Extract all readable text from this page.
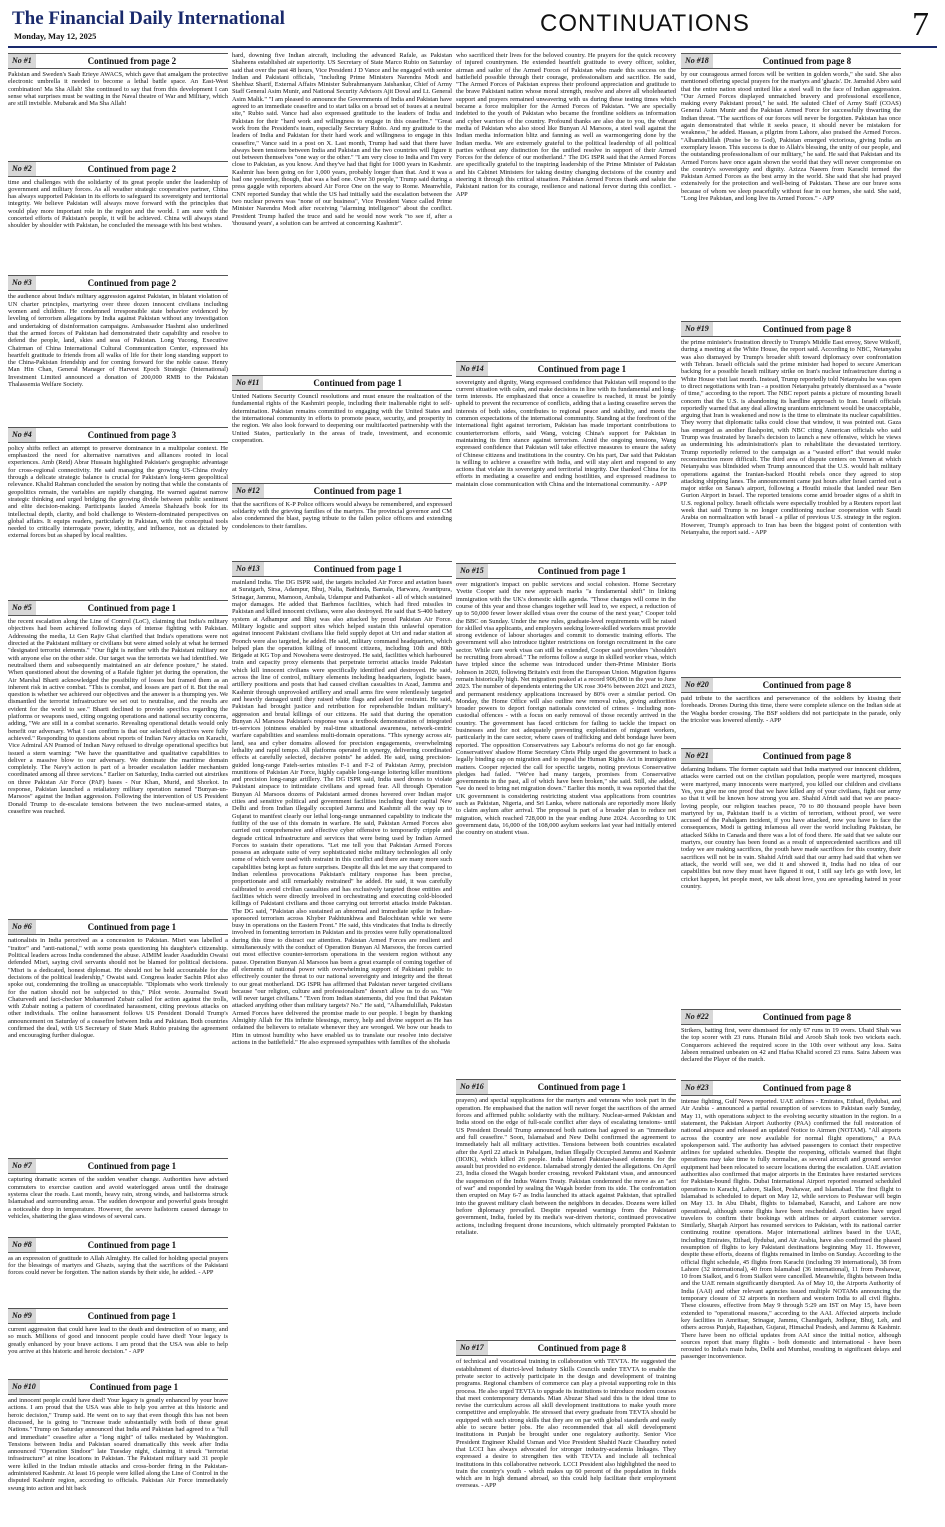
The Financial Daily International
Monday, May 12, 2025	CONTINUATIONS	7
No #1	Continued from page 2

Pakistan and Sweden's Saab Erieye AWACS, which gave that amalgam the protective electronic umbrella it needed to become a lethal battle space. An East-West combination! Ma Sha Allah! She continued to say that from this development I can sense what surprises must be waiting in the Naval theatre of War and Military, which are still invisible. Mubarak and Ma Sha Allah!

No #2	Continued from page 2

time and challenges with the solidarity of its great people under the leadership of government and military forces. As all weather strategic cooperative partner, China has always supported Pakistan in its efforts to safeguard its sovereignty and territorial integrity. We believe Pakistan will always move forward with the principles that would play more important role in the region and the world. I am sure with the concerted efforts of Pakistan's people, it will be achieved. China will always stand shoulder by shoulder with Pakistan, he concluded the message with his best wishes.

No #3	Continued from page 2

the audience about India's military aggression against Pakistan, in blatant violation of UN charter principles, martyring over three dozen innocent civilians including women and children. He condemned irresponsible state behavior evidenced by leveling of terrorism allegations by India against Pakistan without any investigation and undertaking of disinformation campaigns. Ambassador Hashmi also underlined that the armed forces of Pakistan had demonstrated their capability and resolve to defend the people, land, skies and seas of Pakistan. Long Yucong, Executive Chairman of China International Cultural Communication Center, expressed his heartfelt gratitude to friends from all walks of life for their long standing support to the China-Pakistan friendship and for coming forward for the noble cause. Henry Man Hin Chan, General Manager of Harvest Epoch Strategic (International) Investment Limited announced a donation of 200,000 RMB to the Pakistan Thalassemia Welfare Society.

No #4	Continued from page 3

policy shifts reflect an attempt to preserve dominance in a multipolar context. He emphasized the need for alternative narratives and alliances rooted in local experiences. Amb (Retd) Abrar Hussain highlighted Pakistan's geographic advantage for cross-regional connectivity. He said managing the growing US-China rivalry through a delicate strategic balance is crucial for Pakistan's long-term geopolitical relevance. Khalid Rahman concluded the session by noting that while the constants of geopolitics remain, the variables are rapidly changing. He warned against narrow strategic thinking and urged bridging the growing divide between public sentiment and elite decision-making. Participants lauded Ameela Shahzad's book for its intellectual depth, clarity, and bold challenge to Western-dominated perspectives on global affairs. It equips readers, particularly in Pakistan, with the conceptual tools needed to critically interrogate power, identity, and influence, not as dictated by external forces but as shaped by local realities.

No #5	Continued from page 1

the recent escalation along the Line of Control (LoC), claiming that India's military objectives had been achieved following days of intense fighting with Pakistan. Addressing the media, Lt Gen Rajiv Ghai clarified that India's operations were not directed at the Pakistani military or civilians but were aimed solely at what he termed "designated terrorist elements." "Our fight is neither with the Pakistani military nor with anyone else on the other side. Our target was the terrorists we had identified. We neutralised them and subsequently maintained an air defence posture," he stated. When questioned about the downing of a Rafale fighter jet during the operation, the Air Marshal Bharti acknowledged the possibility of losses but framed them as an inherent risk in active combat. "This is combat, and losses are part of it. But the real question is whether we achieved our objectives and the answer is a thumping yes. We dismantled the terrorist infrastructure we set out to neutralise, and the results are evident for the world to see." Bharti declined to provide specifics regarding the platforms or weapons used, citing ongoing operations and national security concerns, adding, "We are still in a combat scenario. Revealing operational details would only benefit our adversary. What I can confirm is that our selected objectives were fully achieved." Responding to questions about reports of Indian Navy attacks on Karachi, Vice Admiral AN Pramod of Indian Navy refused to divulge operational specifics but issued a stern warning: "We have the quantitative and qualitative capabilities to deliver a massive blow to our adversary. We dominate the maritime domain completely. The Navy's action is part of a broader escalation ladder mechanism coordinated among all three services." Earlier on Saturday, India carried out airstrikes on three Pakistan Air Force (PAF) bases - Nur Khan, Murid, and Shorkot. In response, Pakistan launched a retaliatory military operation named "Bunyan-un-Marsoos" against the Indian aggression. Following the intervention of US President Donald Trump to de-escalate tensions between the two nuclear-armed states, a ceasefire was reached.

No #6	Continued from page 1

nationalists in India perceived as a concession to Pakistan. Misri was labelled a "traitor" and "anti-national," with some posts questioning his daughter's citizenship. Political leaders across India condemned the abuse. AIMIM leader Asaduddin Owaisi defended Misri, saying civil servants should not be blamed for political decisions. "Misri is a dedicated, honest diplomat. He should not be held accountable for the decisions of the political leadership," Owaisi said. Congress leader Sachin Pilot also spoke out, condemning the trolling as unacceptable. "Diplomats who work tirelessly for the nation should not be subjected to this," Pilot wrote. Journalist Swati Chaturvedi and fact-checker Mohammed Zubair called for action against the trolls, with Zubair noting a pattern of coordinated harassment, citing previous attacks on other individuals. The online harassment follows US President Donald Trump's announcement on Saturday of a ceasefire between India and Pakistan. Both countries confirmed the deal, with US Secretary of State Mark Rubio praising the agreement and encouraging further dialogue.

No #7	Continued from page 1

capturing dramatic scenes of the sudden weather change. Authorities have advised commuters to exercise caution and avoid waterlogged areas until the drainage systems clear the roads. Last month, heavy rain, strong winds, and hailstorms struck Islamabad and surrounding areas. The sudden downpour and powerful gusts brought a noticeable drop in temperature. However, the severe hailstorm caused damage to vehicles, shattering the glass windows of several cars.

No #8	Continued from page 1

as an expression of gratitude to Allah Almighty. He called for holding special prayers for the blessings of martyrs and Ghazis, saying that the sacrifices of the Pakistani forces could never be forgotten. The nation stands by their side, he added. - APP

No #9	Continued from page 1

current aggression that could have lead to the death and destruction of so many, and so much. Millions of good and innocent people could have died! Your legacy is greatly enhanced by your brave actions. I am proud that the USA was able to help you arrive at this historic and heroic decision." - APP

No #10	Continued from page 1

and innocent people could have died! Your legacy is greatly enhanced by your brave actions. I am proud that the USA was able to help you arrive at this historic and heroic decision," Trump said. He went on to say that even though this has not been discussed, he is going to "increase trade substantially with both of these great Nations." Trump on Saturday announced that India and Pakistan had agreed to a "full and immediate" ceasefire after a "long night" of talks mediated by Washington. Tensions between India and Pakistan soared dramatically this week after India announced "Operation Sindoor" late Tuesday night, claiming it struck "terrorist infrastructure" at nine locations in Pakistan. The Pakistani military said 31 people were killed in the Indian missile attacks and cross-border firing in the Pakistan-administered Kashmir. At least 16 people were killed along the Line of Control in the disputed Kashmir region, according to officials. Pakistan Air Force immediately swung into action and hit back

hard, downing five Indian aircraft, including the advanced Rafale, as Pakistan Shaheens established air superiority. US Secretary of State Marco Rubio on Saturday said that over the past 48 hours, Vice President J D Vance and he engaged with senior Indian and Pakistani officials, "including Prime Ministers Narendra Modi and Shehbaz Sharif, External Affairs Minister Subrahmanyam Jaishankar, Chief of Army Staff General Asim Munir, and National Security Advisors Ajit Doval and Lt. General Asim Malik." "I am pleased to announce the Governments of India and Pakistan have agreed to an immediate ceasefire and to start talks on a broad set of issues at a neutral site," Rubio said. Vance had also expressed gratitude to the leaders of India and Pakistan for their "hard work and willingness to engage in this ceasefire." "Great work from the President's team, especially Secretary Rubio. And my gratitude to the leaders of India and Pakistan for their hard work and willingness to engage in this ceasefire," Vance said in a post on X. Last month, Trump had said that there have always been tensions between India and Pakistan and the two countries will figure it out between themselves "one way or the other." "I am very close to India and I'm very close to Pakistan, as you know. And they've had that fight for 1000 years in Kashmir. Kashmir has been going on for 1,000 years, probably longer than that. And it was a bad one yesterday, though, that was a bad one. Over 30 people," Trump said during a press gaggle with reporters aboard Air Force One on the way to Rome. Meanwhile, CNN reported Sunday that while the US had initially said the escalation between the two nuclear powers was "none of our business", Vice President Vance called Prime Minister Narendra Modi after receiving "alarming intelligence" about the conflict. President Trump hailed the truce and said he would now work "to see if, after a 'thousand years', a solution can be arrived at concerning Kashmir".

No #11	Continued from page 1

United Nations Security Council resolutions and must ensure the realization of the fundamental rights of the Kashmiri people, including their inalienable right to self-determination. Pakistan remains committed to engaging with the United States and the international community in efforts to promote peace, security, and prosperity in the region. We also look forward to deepening our multifaceted partnership with the United States, particularly in the areas of trade, investment, and economic cooperation.

No #12	Continued from page 1

that the sacrifices of K-P Police officers would always be remembered, and expressed solidarity with the grieving families of the martyrs. The provincial governor and CM also condemned the blast, paying tribute to the fallen police officers and extending condolences to their families.

No #13	Continued from page 1

mainland India. The DG ISPR said, the targets included Air Force and aviation bases at Suratgarh, Sirsa, Adampur, Bhuj, Nalia, Bathinda, Barnala, Harwara, Avantipura, Srinagar, Jammu, Mamoon, Ambala, Udampur and Pathankot - all of which sustained major damages. He added that Barhmos facilities, which had fired missiles in Pakistan and killed innocent civilians, were also destroyed. He said that S-400 battery system at Adhampur and Bhuj was also attacked by proud Pakistan Air Force. Military logistic and support sites which helped sustain this unlawful operation against innocent Pakistani civilians like field supply depot at Uri and radar station at Poonch were also targeted, he added. He said, military command headquarters, which helped plan the operation killing of innocent citizens, including 10th and 80th Brigade at KG Top and Nowshera were destroyed. He said, facilities which harboured train and capacity proxy elements that perpetrate terrorist attacks inside Pakistan which kill innocent civilians were specifically identified and destroyed. He said, across the line of control, military elements including headquarters, logistic bases, artillery positions and posts that had caused civilian casualties in Azad, Jammu and Kashmir through unprovoked artillery and small arms fire were relentlessly targeted and heavily damaged until they raised white flags and asked for restraint. He said, Pakistan had brought justice and retribution for reprehensible Indian military's aggression and brutal killings of our citizens. He said that during the operation Bunyan Al Marsoos Pakistan's response was a textbook demonstration of integrated tri-services jointness enabled by real-time situational awareness, network-centric warfare capabilities and seamless multi-domain operations. "This synergy across air, land, sea and cyber domains allowed for precision engagements, overwhelming lethality and rapid tempo. All platforms operated in synergy, delivering coordinated effects at carefully selected, decisive points" he added. He said, using precision-guided long-range Fateh-series missiles F-1 and F-2 of Pakistan Army, precision munitions of Pakistan Air Force, highly capable long-range loitering killer munitions and precision long-range artillery. The DG ISPR said, India used drones to violate Pakistani airspace to intimidate civilians and spread fear. All through Operation Bunyan Al Marsoos dozens of Pakistani armed drones hovered over Indian major cities and sensitive political and government facilities including their capital New Delhi and from Indian illegally occupied Jammu and Kashmir all the way up to Gujarat to manifest clearly our lethal long-range unmanned capability to indicate the futility of the use of this domain in warfare. He said, Pakistan Armed Forces also carried out comprehensive and effective cyber offensive to temporarily cripple and degrade critical infrastructure and services that were being used by Indian Armed Forces to sustain their operations. "Let me tell you that Pakistan Armed Forces possess an adequate suite of very sophisticated niche military technologies all only some of which were used with restraint in this conflict and there are many more such capabilities being kept as future surprises. Despite all this let me say that compared to Indian relentless provocations Pakistan's military response has been precise, proportionate and still remarkably restrained" he added. He said, it was carefully calibrated to avoid civilian casualties and has exclusively targeted those entities and facilities which were directly involved in orchestrating and executing cold-blooded killings of Pakistani civilians and those carrying out terrorist attacks inside Pakistan. The DG said, "Pakistan also sustained an abnormal and immediate spike in Indian-sponsored terrorism across Khyber Pakhtunkhwa and Balochistan while we were busy in operations on the Eastern Front." He said, this vindicates that India is directly involved in fomenting terrorism in Pakistan and its proxies were fully operationalized during this time to distract our attention. Pakistan Armed Forces are resilient and simultaneously with the conduct of Operation Bunyan Al Marsoos, the forces carried out most effective counter-terrorism operations in the western region without any pause. Operation Bunyan Al Marsoos has been a great example of coming together of all elements of national power with overwhelming support of Pakistani public to effectively counter the threat to our national sovereignty and integrity and the threat to our great motherland. DG ISPR has affirmed that Pakistan never targeted civilians because "our religion, culture and professionalism" doesn't allow us to do so. "We will never target civilians." "Even from Indian statements, did you find that Pakistan attacked anything other than military targets? No." He said, "Alhamdulillah, Pakistan Armed Forces have delivered the promise made to our people. I begin by thanking Almighty Allah for His infinite blessings, mercy, help and divine support as He has ordained the believers to retaliate whenever they are wronged. We bow our heads to Him in utmost humility who have enabled us to translate our resolve into decisive actions in the battlefield." He also expressed sympathies with families of the shohada

who sacrificed their lives for the beloved country. He prayers for the quick recovery of injured countrymen. He extended heartfelt gratitude to every officer, soldier, airman and sailor of the Armed Forces of Pakistan who made this success on the battlefield possible through their courage, professionalism and sacrifice. He said, "The Armed Forces of Pakistan express their profound appreciation and gratitude to the brave Pakistani nation whose moral strength, resolve and above all wholehearted support and prayers remained unwavering with us during these testing times which became a force multiplier for the Armed Forces of Pakistan. "We are specially indebted to the youth of Pakistan who became the frontline soldiers as information and cyber warriors of the country. Profound thanks are also due to you, the vibrant media of Pakistan who also stood like Bunyan Al Marsoos, a steel wall against the Indian media information blitz and fanning as well as warmongering done by the Indian media. We are extremely grateful to the political leadership of all political parties without any distinction for the unified resolve in support of their Armed Forces for the defence of our motherland." The DG ISPR said that the Armed Forces are specifically grateful to the inspiring leadership of the Prime Minister of Pakistan and his Cabinet Ministers for taking destiny changing decisions of the country and steering it through this critical situation. Pakistan Armed Forces thank and salute the Pakistani nation for its courage, resilience and national fervor during this conflict. - APP

No #14	Continued from page 1

sovereignty and dignity, Wang expressed confidence that Pakistan will respond to the current situation with calm, and make decisions in line with its fundamental and long-term interests. He emphasized that once a ceasefire is reached, it must be jointly upheld to prevent the recurrence of conflicts, adding that a lasting ceasefire serves the interests of both sides, contributes to regional peace and stability, and meets the common expectations of the international community. Standing at the forefront of the international fight against terrorism, Pakistan has made important contributions to counterterrorism efforts, said Wang, voicing China's support for Pakistan in maintaining its firm stance against terrorism. Amid the ongoing tensions, Wang expressed confidence that Pakistan will take effective measures to ensure the safety of Chinese citizens and institutions in the country. On his part, Dar said that Pakistan is willing to achieve a ceasefire with India, and will stay alert and respond to any actions that violate its sovereignty and territorial integrity. Dar thanked China for its efforts in mediating a ceasefire and ending hostilities, and expressed readiness to maintain close communication with China and the international community. - APP

No #15	Continued from page 1

over migration's impact on public services and social cohesion. Home Secretary Yvette Cooper said the new approach marks "a fundamental shift" in linking immigration with the UK's domestic skills agenda. "Those changes will come in the course of this year and those changes together will lead to, we expect, a reduction of up to 50,000 fewer lower skilled visas over the course of the next year," Cooper told the BBC on Sunday. Under the new rules, graduate-level requirements will be raised for skilled visa applicants, and employers seeking lower-skilled workers must provide strong evidence of labour shortages and commit to domestic training efforts. The government will also introduce tighter restrictions on foreign recruitment in the care sector. While care work visas can still be extended, Cooper said providers "shouldn't be recruiting from abroad." The reforms follow a surge in skilled worker visas, which have tripled since the scheme was introduced under then-Prime Minister Boris Johnson in 2020, following Britain's exit from the European Union. Migration figures remain historically high. Net migration peaked at a record 906,000 in the year to June 2023. The number of dependents entering the UK rose 304% between 2021 and 2023, and permanent residency applications increased by 80% over a similar period. On Monday, the Home Office will also outline new removal rules, giving authorities broader powers to deport foreign nationals convicted of crimes - including non-custodial offences - with a focus on early removal of those recently arrived in the country. The government has faced criticism for failing to tackle the impact on businesses and for not adequately preventing exploitation of migrant workers, particularly in the care sector, where cases of trafficking and debt bondage have been reported. The opposition Conservatives say Labour's reforms do not go far enough. Conservatives' shadow Home Secretary Chris Philp urged the government to back a legally binding cap on migration and to repeal the Human Rights Act in immigration matters. Cooper rejected the call for specific targets, noting previous Conservative pledges had failed. "We've had many targets, promises from Conservative governments in the past, all of which have been broken," she said. Still, she added, "we do need to bring net migration down." Earlier this month, it was reported that the UK government is considering restricting student visa applications from countries such as Pakistan, Nigeria, and Sri Lanka, where nationals are reportedly more likely to claim asylum after arrival. The proposal is part of a broader plan to reduce net migration, which reached 728,000 in the year ending June 2024. According to UK government data, 16,000 of the 108,000 asylum seekers last year had initially entered the country on student visas.

No #16	Continued from page 1

prayers) and special supplications for the martyrs and veterans who took part in the operation. He emphasised that the nation will never forget the sacrifices of the armed forces and affirmed public solidarity with the military. Nuclear-armed Pakistan and India stood on the edge of full-scale conflict after days of escalating tensions- until US President Donald Trump announced both nations had agreed to an "immediate and full ceasefire." Soon, Islamabad and New Delhi confirmed the agreement to immediately halt all military activities. Tensions between both countries escalated after the April 22 attack in Pahalgam, Indian Illegally Occupied Jammu and Kashmir (IIOJK), which killed 26 people. India blamed Pakistan-based elements for the assault but provided no evidence. Islamabad strongly denied the allegations. On April 23, India closed the Wagah border crossing, revoked Pakistani visas, and announced the suspension of the Indus Waters Treaty. Pakistan condemned the move as an "act of war" and responded by sealing the Wagah border from its side. The confrontation then erupted on May 6-7 as India launched its attack against Pakistan, that spiralled into the gravest military clash between the neighbors in decades. Dozens were killed before diplomacy prevailed. Despite repeated warnings from the Pakistani government, India, fueled by its media's war-driven rhetoric, continued provocative actions, including frequent drone incursions, which ultimately prompted Pakistan to retaliate.

No #17	Continued from page 8

of technical and vocational training in collaboration with TEVTA. He suggested the establishment of district-level Industry Skills Councils under TEVTA to enable the private sector to actively participate in the design and development of training programs. Regional chambers of commerce can play a pivotal supporting role in this process. He also urged TEVTA to upgrade its institutions to introduce modern courses that meet contemporary demands. Mian Abuzar Shad said this is the ideal time to revise the curriculum across all skill development institutions to make youth more competitive and employable. He stressed that every graduate from TEVTA should be equipped with such strong skills that they are on par with global standards and easily able to secure better jobs. He also recommended that all skill development institutions in Punjab be brought under one regulatory authority. Senior Vice President Engineer Khalid Usman and Vice President Shahid Nazir Chaudhry noted that LCCI has always advocated for stronger industry-academia linkages. They expressed a desire to strengthen ties with TEVTA and include all technical institutions in this collaborative network. LCCI President also highlighted the need to train the country's youth - which makes up 60 percent of the population in fields which are in high demand abroad, so this could help facilitate their employment overseas. - APP

No #18	Continued from page 8

by our courageous armed forces will be written in golden words," she said. She also mentioned offering special prayers for the martyrs and 'ghazis'. Dr. Jamshid Abro said that the entire nation stood united like a steel wall in the face of Indian aggression. "Our Armed Forces displayed unmatched bravery and professional excellence, making every Pakistani proud," he said. He saluted Chief of Army Staff (COAS) General Asim Munir and the Pakistan Armed Force for successfully thwarting the Indian threat. "The sacrifices of our forces will never be forgotten. Pakistan has once again demonstrated that while it seeks peace, it should never be mistaken for weakness," he added. Hassan, a pilgrim from Lahore, also praised the Armed Forces. "Alhamdulillah (Praise be to God), Pakistan emerged victorious, giving India an exemplary lesson. This success is due to Allah's blessing, the unity of our people, and the outstanding professionalism of our military," he said. He said that Pakistan and its Armed Forces have once again shown the world that they will never compromise on the country's sovereignty and dignity. Azizza Naeem from Karachi termed the Pakistan Armed Forces as the best army in the world. She said that she had prayed extensively for the protection and well-being of Pakistan. These are our brave sons because of whom we sleep peacefully without fear in our homes, she said. She said, "Long live Pakistan, and long live its Armed Forces." - APP

No #19	Continued from page 8

the prime minister's frustration directly to Trump's Middle East envoy, Steve Witkoff, during a meeting at the White House, the report said. According to NBC, Netanyahu was also dismayed by Trump's broader shift toward diplomacy over confrontation with Tehran. Israeli officials said the prime minister had hoped to secure American backing for a possible Israeli military strike on Iran's nuclear infrastructure during a White House visit last month. Instead, Trump reportedly told Netanyahu he was open to direct negotiations with Iran - a position Netanyahu privately dismissed as a "waste of time," according to the report. The NBC report paints a picture of mounting Israeli concern that the U.S. is abandoning its hardline approach to Iran. Israeli officials reportedly warned that any deal allowing uranium enrichment would be unacceptable, arguing that Iran is weakened and now is the time to eliminate its nuclear capabilities. They worry that diplomatic talks could close that window, it was pointed out. Gaza has emerged as another flashpoint, with NBC citing American officials who said Trump was frustrated by Israel's decision to launch a new offensive, which he views as undermining his administration's plan to rehabilitate the devastated territory. Trump reportedly referred to the campaign as a "wasted effort" that would make reconstruction more difficult. The third area of dispute centers on Yemen at which Netanyahu was blindsided when Trump announced that the U.S. would halt military operations against the Iranian-backed Houthi rebels once they agreed to stop attacking shipping lanes. The announcement came just hours after Israel carried out a major strike on Sanaa's airport, following a Houthi missile that landed near Ben Gurion Airport in Israel. The reported tensions come amid broader signs of a shift in U.S. regional policy. Israeli officials were especially troubled by a Reuters report last week that said Trump is no longer conditioning nuclear cooperation with Saudi Arabia on normalization with Israel - a pillar of previous U.S. strategy in the region. However, Trump's approach to Iran has been the biggest point of contention with Netanyahu, the report said. - APP

No #20	Continued from page 8

paid tribute to the sacrifices and perseverance of the soldiers by kissing their foreheads. Drones During this time, there were complete silence on the Indian side at the Wagha border crossing. The BSF soldiers did not participate in the parade, only the tricolor was lowered silently. - APP

No #21	Continued from page 8

defaming Indians. The former captain said that India martyred our innocent children, attacks were carried out on the civilian population, people were martyred, mosques were martyred, many innocents were martyred, you killed our children and civilians Yes, you give me one proof that we have killed any of your civilians, fight our army so that it will be known how strong you are. Shahid Afridi said that we are peace-loving people, our religion teaches peace, 70 to 80 thousand people have been martyred by us, Pakistan itself is a victim of terrorism, without proof, we were accused of the Pahalgam incident, if you have attacked, now you have to face the consequences, Modi is getting infamous all over the world including Pakistan, he attacked Sikhs in Canada and there was a lot of food there. He said that we salute our martyrs, our country has been found as a result of unprecedented sacrifices and till today we are making sacrifices, the youth have made sacrifices for this country, their sacrifices will not be in vain. Shahid Afridi said that our army had said that when we attack, the world will see, we did it and showed it, India had no idea of our capabilities but now they must have figured it out, I still say let's go with love, let cricket happen, let people meet, we talk about love, you are spreading hatred in your country.

No #22	Continued from page 8

Strikers, batting first, were dismissed for only 67 runs in 19 overs. Ubaid Shah was the top scorer with 23 runs. Hunain Bilal and Aroob Shah took two wickets each. Conquerors achieved the required score in the 10th over without any loss. Saira Jabeen remained unbeaten on 42 and Hafsa Khalid scored 23 runs. Saira Jabeen was declared the Player of the match.

No #23	Continued from page 8

intense fighting, Gulf News reported. UAE airlines - Emirates, Etihad, flydubai, and Air Arabia - announced a partial resumption of services to Pakistan early Sunday, May 11, with operations subject to the evolving security situation in the region. In a statement, the Pakistan Airport Authority (PAA) confirmed the full restoration of national airspace and released an updated Notice to Airmen (NOTAM). "All airports across the country are now available for normal flight operations," a PAA spokesperson said. The authority has advised passengers to contact their respective airlines for updated schedules. Despite the reopening, officials warned that flight operations may take time to fully normalise, as several aircraft and ground service equipment had been relocated to secure locations during the escalation. UAE aviation authorities also confirmed that major airports in the Emirates have restarted services for Pakistan-bound flights. Dubai International Airport reported resumed scheduled operations to Karachi, Lahore, Sialkot, Peshawar, and Islamabad. The first flight to Islamabad is scheduled to depart on May 12, while services to Peshawar will begin on May 13. In Abu Dhabi, flights to Islamabad, Karachi, and Lahore are now operational, although some flights have been rescheduled. Authorities have urged travelers to confirm their bookings with airlines or airport customer service. Similarly, Sharjah Airport has resumed services to Pakistan, with its national carrier continuing routine operations. Major international airlines based in the UAE, including Emirates, Etihad, flydubai, and Air Arabia, have also confirmed the phased resumption of flights to key Pakistani destinations beginning May 11. However, despite these efforts, dozens of flights remained in limbo on Sunday. According to the official flight schedule, 45 flights from Karachi (including 39 international), 38 from Lahore (32 international), 40 from Islamabad (36 international), 11 from Peshawar, 10 from Sialkot, and 6 from Sialkot were cancelled. Meanwhile, flights between India and the UAE remain significantly disrupted. As of May 10, the Airports Authority of India (AAI) and other relevant agencies issued multiple NOTAMs announcing the temporary closure of 32 airports in northern and western India to all civil flights. These closures, effective from May 9 through 5:29 am IST on May 15, have been extended to "operational reasons," according to the AAI. Affected airports include key facilities in Amritsar, Srinagar, Jammu, Chandigarh, Jodhpur, Bhuj, Leh, and others across Punjab, Rajasthan, Gujarat, Himachal Pradesh, and Jammu & Kashmir. There have been no official updates from AAI since the initial notice, although sources report that many flights - both domestic and international - have been rerouted to India's main hubs, Delhi and Mumbai, resulting in significant delays and passenger inconvenience.
